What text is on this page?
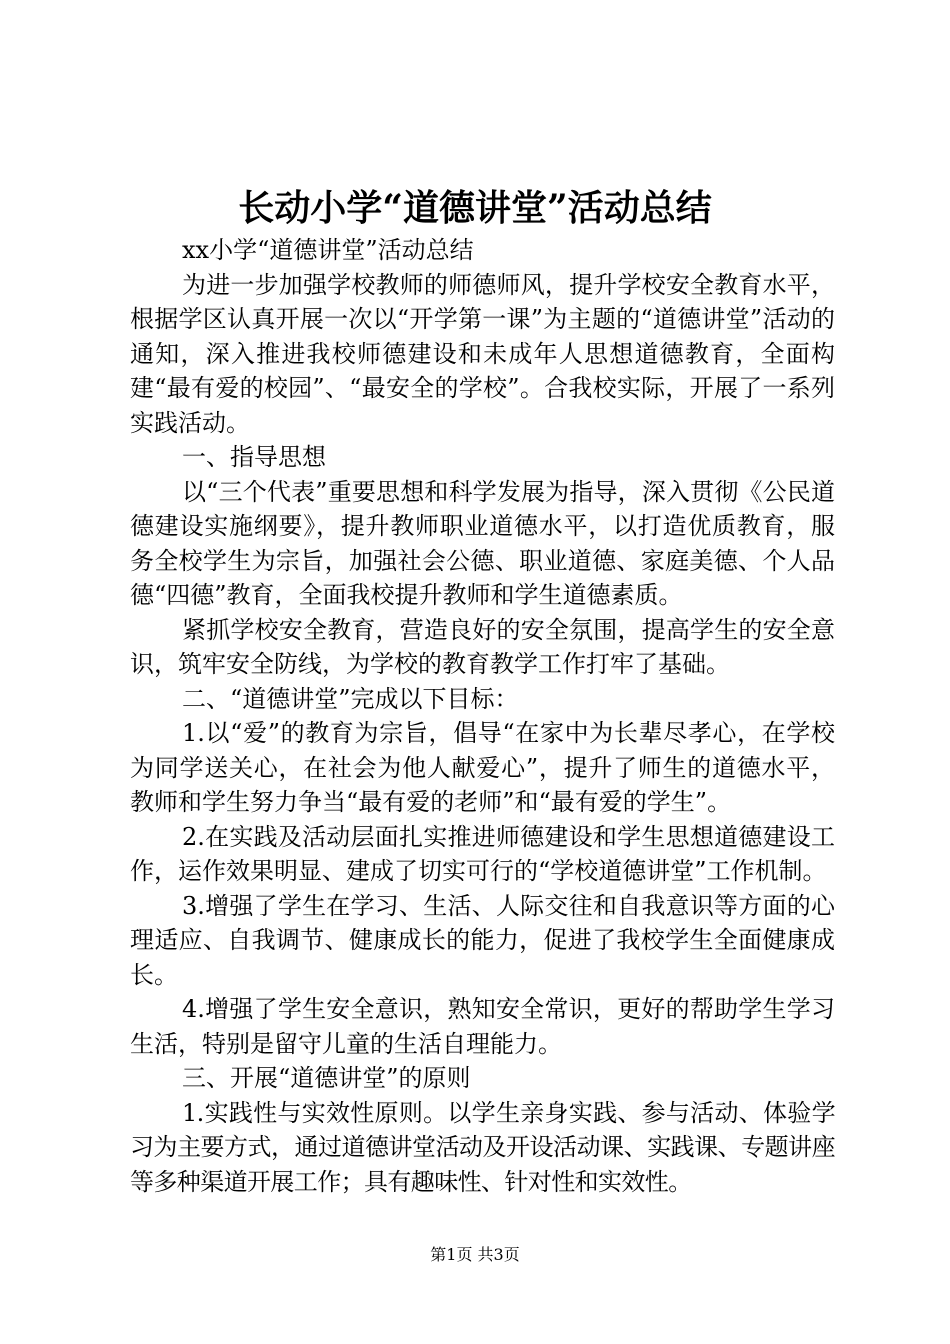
长动小学“道德讲堂”活动总结

xx小学“道德讲堂”活动总结

为进一步加强学校教师的师德师风，提升学校安全教育水平，根据学区认真开展一次以“开学第一课”为主题的“道德讲堂”活动的通知，深入推进我校师德建设和未成年人思想道德教育，全面构建“最有爱的校园”、“最安全的学校”。合我校实际，开展了一系列实践活动。

一、指导思想

以“三个代表”重要思想和科学发展为指导，深入贯彻《公民道德建设实施纲要》，提升教师职业道德水平，以打造优质教育，服务全校学生为宗旨，加强社会公德、职业道德、家庭美德、个人品德“四德”教育，全面我校提升教师和学生道德素质。

紧抓学校安全教育，营造良好的安全氛围，提高学生的安全意识，筑牢安全防线，为学校的教育教学工作打牢了基础。

二、“道德讲堂”完成以下目标：

1.以“爱”的教育为宗旨，倡导“在家中为长辈尽孝心，在学校为同学送关心，在社会为他人献爱心”，提升了师生的道德水平，教师和学生努力争当“最有爱的老师”和“最有爱的学生”。

2.在实践及活动层面扎实推进师德建设和学生思想道德建设工作，运作效果明显、建成了切实可行的“学校道德讲堂”工作机制。

3.增强了学生在学习、生活、人际交往和自我意识等方面的心理适应、自我调节、健康成长的能力，促进了我校学生全面健康成长。

4.增强了学生安全意识，熟知安全常识，更好的帮助学生学习生活，特别是留守儿童的生活自理能力。

三、开展“道德讲堂”的原则

1.实践性与实效性原则。以学生亲身实践、参与活动、体验学习为主要方式，通过道德讲堂活动及开设活动课、实践课、专题讲座等多种渠道开展工作；具有趣味性、针对性和实效性。

第1页 共3页
